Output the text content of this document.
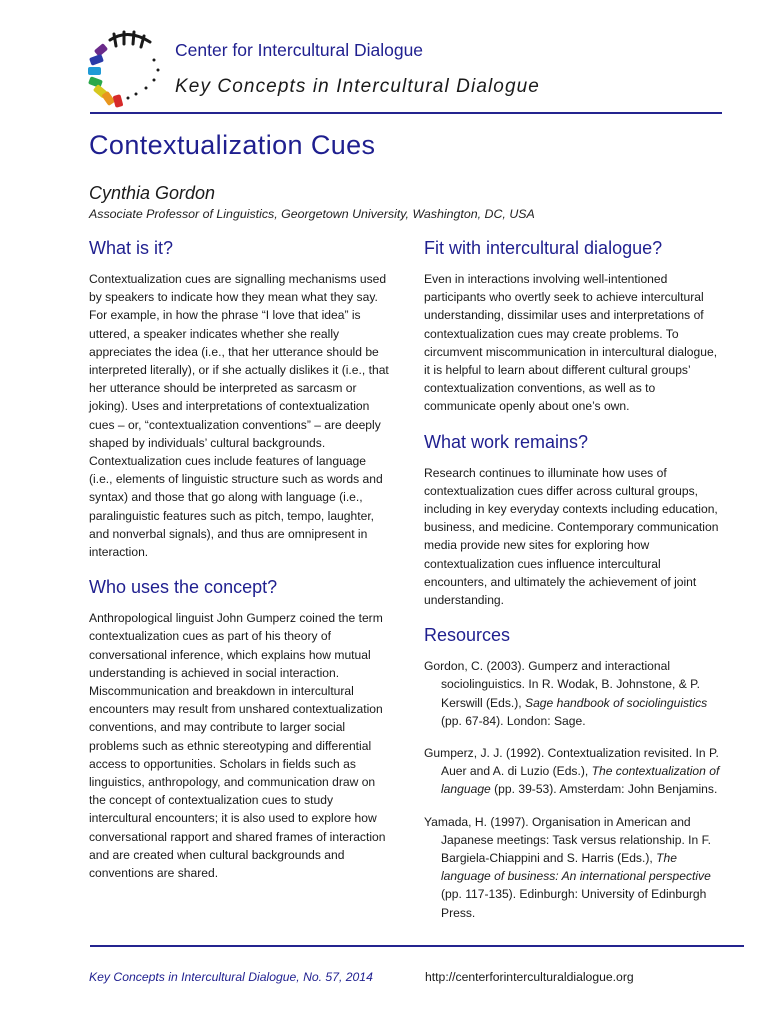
Center for Intercultural Dialogue
Key Concepts in Intercultural Dialogue
Contextualization Cues
Cynthia Gordon
Associate Professor of Linguistics, Georgetown University, Washington, DC, USA
What is it?

Contextualization cues are signalling mechanisms used by speakers to indicate how they mean what they say. For example, in how the phrase “I love that idea” is uttered, a speaker indicates whether she really appreciates the idea (i.e., that her utterance should be interpreted literally), or if she actually dislikes it (i.e., that her utterance should be interpreted as sarcasm or joking). Uses and interpretations of contextualization cues – or, “contextualization conventions” – are deeply shaped by individuals’ cultural backgrounds. Contextualization cues include features of language (i.e., elements of linguistic structure such as words and syntax) and those that go along with language (i.e., paralinguistic features such as pitch, tempo, laughter, and nonverbal signals), and thus are omnipresent in interaction.

Who uses the concept?

Anthropological linguist John Gumperz coined the term contextualization cues as part of his theory of conversational inference, which explains how mutual understanding is achieved in social interaction. Miscommunication and breakdown in intercultural encounters may result from unshared contextualization conventions, and may contribute to larger social problems such as ethnic stereotyping and differential access to opportunities. Scholars in fields such as linguistics, anthropology, and communication draw on the concept of contextualization cues to study intercultural encounters; it is also used to explore how conversational rapport and shared frames of interaction and are created when cultural backgrounds and conventions are shared.

Fit with intercultural dialogue?

Even in interactions involving well-intentioned participants who overtly seek to achieve intercultural understanding, dissimilar uses and interpretations of contextualization cues may create problems. To circumvent miscommunication in intercultural dialogue, it is helpful to learn about different cultural groups’ contextualization conventions, as well as to communicate openly about one’s own.

What work remains?

Research continues to illuminate how uses of contextualization cues differ across cultural groups, including in key everyday contexts including education, business, and medicine. Contemporary communication media provide new sites for exploring how contextualization cues influence intercultural encounters, and ultimately the achievement of joint understanding.

Resources

Gordon, C. (2003). Gumperz and interactional sociolinguistics. In R. Wodak, B. Johnstone, & P. Kerswill (Eds.), Sage handbook of sociolinguistics (pp. 67-84). London: Sage.

Gumperz, J. J. (1992). Contextualization revisited. In P. Auer and A. di Luzio (Eds.), The contextualization of language (pp. 39-53). Amsterdam: John Benjamins.

Yamada, H. (1997). Organisation in American and Japanese meetings: Task versus relationship. In F. Bargiela-Chiappini and S. Harris (Eds.), The language of business: An international perspective (pp. 117-135). Edinburgh: University of Edinburgh Press.

Key Concepts in Intercultural Dialogue, No. 57, 2014	http://centerforinterculturaldialogue.org
